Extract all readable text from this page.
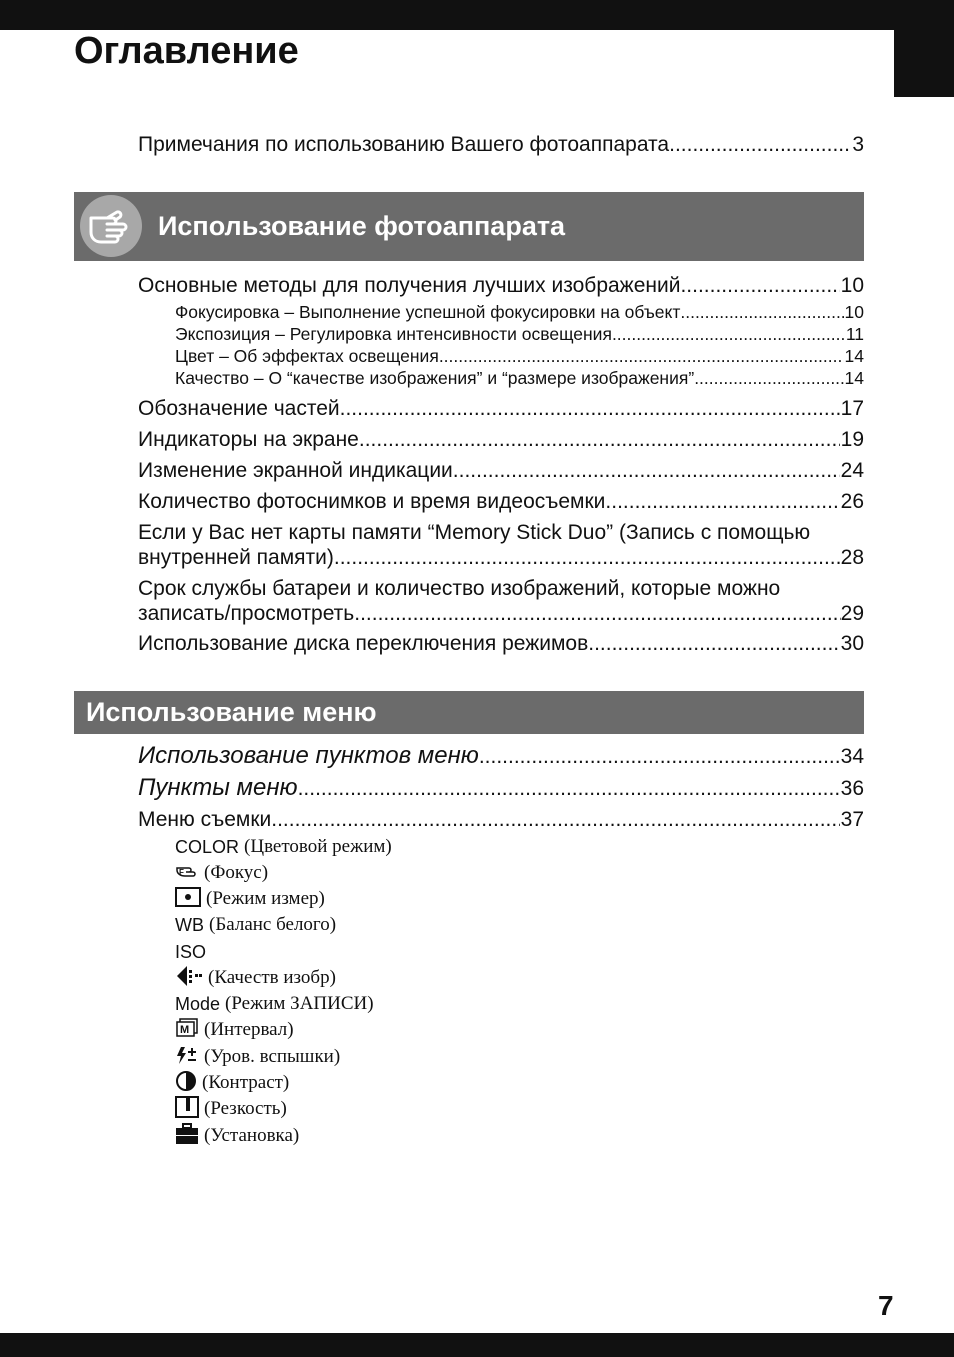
Оглавление
Примечания по использованию Вашего фотоаппарата .....	3
Использование фотоаппарата
Основные методы для получения лучших изображений .....	10
Фокусировка – Выполнение успешной фокусировки на объект .....	10
Экспозиция – Регулировка интенсивности освещения .....	11
Цвет – Об эффектах освещения .....	14
Качество – О “качестве изображения” и “размере изображения” .....	14
Обозначение частей .....	17
Индикаторы на экране .....	19
Изменение экранной индикации .....	24
Количество фотоснимков и время видеосъемки .....	26
Если у Вас нет карты памяти “Memory Stick Duo” (Запись с помощью
внутренней памяти) .....	28
Срок службы батареи и количество изображений, которые можно
записать/просмотреть .....	29
Использование диска переключения режимов .....	30
Использование меню
Использование пунктов меню .....	34
Пункты меню .....	36
Меню съемки .....	37
COLOR (Цветовой режим)
F (Фокус)
(Режим измер)
WB (Баланс белого)
ISO
(Качеств изобр)
Mode (Режим ЗАПИСИ)
M (Интервал)
(Уров. вспышки)
(Контраст)
(Резкость)
(Установка)
7
